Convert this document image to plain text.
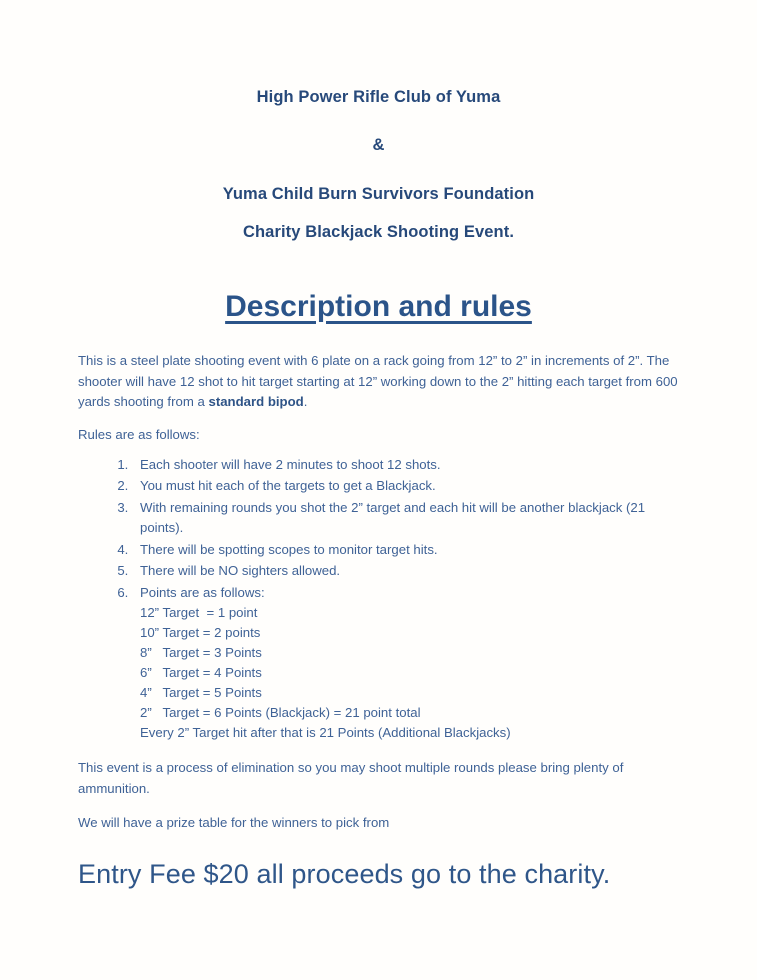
High Power Rifle Club of Yuma

&

Yuma Child Burn Survivors Foundation

Charity Blackjack Shooting Event.

Description and rules

This is a steel plate shooting event with 6 plate on a rack going from 12” to 2” in increments of 2”. The shooter will have 12 shot to hit target starting at 12” working down to the 2” hitting each target from 600 yards shooting from a standard bipod.

Rules are as follows:

1. Each shooter will have 2 minutes to shoot 12 shots.
2. You must hit each of the targets to get a Blackjack.
3. With remaining rounds you shot the 2” target and each hit will be another blackjack (21 points).
4. There will be spotting scopes to monitor target hits.
5. There will be NO sighters allowed.
6. Points are as follows:
12” Target  = 1 point
10” Target = 2 points
8”   Target = 3 Points
6”   Target = 4 Points
4”   Target = 5 Points
2”   Target = 6 Points (Blackjack) = 21 point total
Every 2” Target hit after that is 21 Points (Additional Blackjacks)

This event is a process of elimination so you may shoot multiple rounds please bring plenty of ammunition.

We will have a prize table for the winners to pick from

Entry Fee $20 all proceeds go to the charity.
